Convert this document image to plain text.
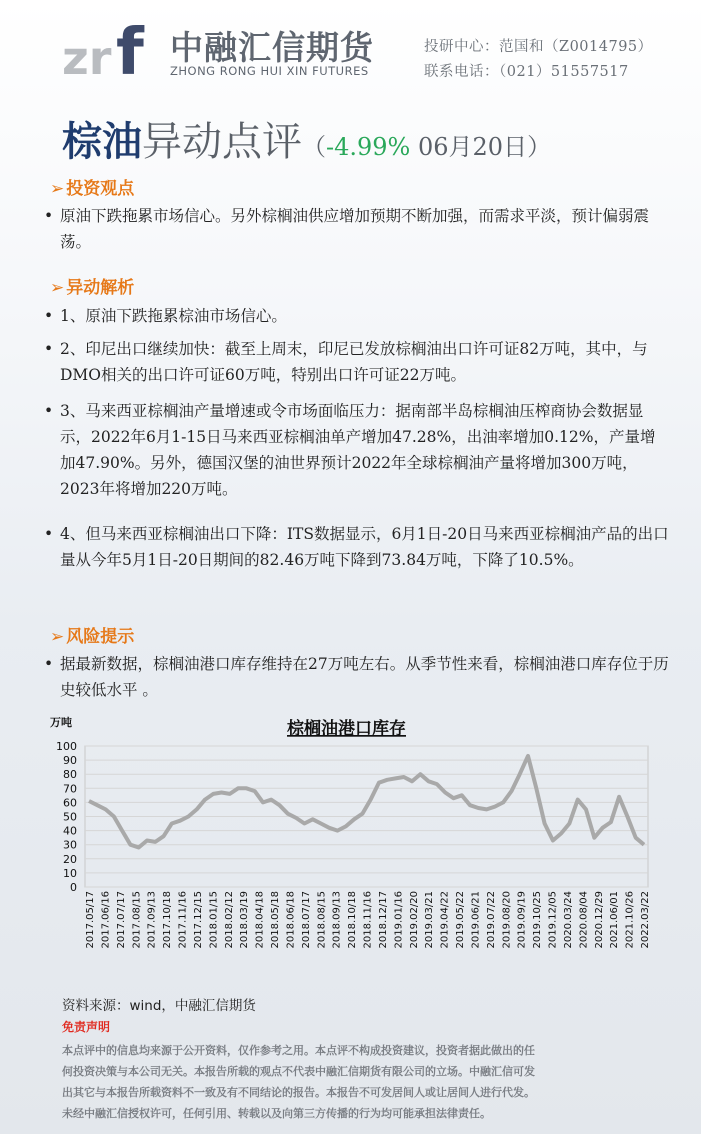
zr f 中融汇信期货
ZHONG RONG HUI XIN FUTURES
投研中心：范国和（Z0014795）
联系电话：（021）51557517
棕油异动点评（-4.99% 06月20日）
➢ 投资观点
• 原油下跌拖累市场信心。另外棕榈油供应增加预期不断加强，而需求平淡，预计偏弱震荡。
➢ 异动解析
• 1、原油下跌拖累棕油市场信心。
• 2、印尼出口继续加快：截至上周末，印尼已发放棕榈油出口许可证82万吨，其中，与DMO相关的出口许可证60万吨，特别出口许可证22万吨。
• 3、马来西亚棕榈油产量增速或令市场面临压力：据南部半岛棕榈油压榨商协会数据显示，2022年6月1-15日马来西亚棕榈油单产增加47.28%，出油率增加0.12%，产量增加47.90%。另外，德国汉堡的油世界预计2022年全球棕榈油产量将增加300万吨，2023年将增加220万吨。
• 4、但马来西亚棕榈油出口下降：ITS数据显示，6月1日-20日马来西亚棕榈油产品的出口量从今年5月1日-20日期间的82.46万吨下降到73.84万吨，下降了10.5%。
➢ 风险提示
• 据最新数据，棕榈油港口库存维持在27万吨左右。从季节性来看，棕榈油港口库存位于历史较低水平 。
棕榈油港口库存
万吨
0
10
20
30
40
50
60
70
80
90
100
2017.05/17 2017.06/16 2017.07/17 2017.08/15 2017.09/13 2017.10/18 2017.11/16 2017.12/15 2018.01/15 2018.02/12 2018.03/19 2018.04/18 2018.05/18 2018.06/18 2018.07/17 2018.08/15 2018.09/13 2018.10/18 2018.11/16 2018.12/17 2019.01/16 2019.02/20 2019.03/21 2019.04/22 2019.05/22 2019.06/21 2019.07/22 2019.08/20 2019.09/19 2019.10/25 2019.12/05 2020.03/24 2020.08/04 2020.12/29 2021.06/01 2021.10/26 2022.03/22
资料来源：wind，中融汇信期货
免责声明
本点评中的信息均来源于公开资料，仅作参考之用。本点评不构成投资建议，投资者据此做出的任
何投资决策与本公司无关。本报告所载的观点不代表中融汇信期货有限公司的立场。中融汇信可发
出其它与本报告所载资料不一致及有不同结论的报告。本报告不可发居间人或让居间人进行代发。
未经中融汇信授权许可，任何引用、转载以及向第三方传播的行为均可能承担法律责任。
